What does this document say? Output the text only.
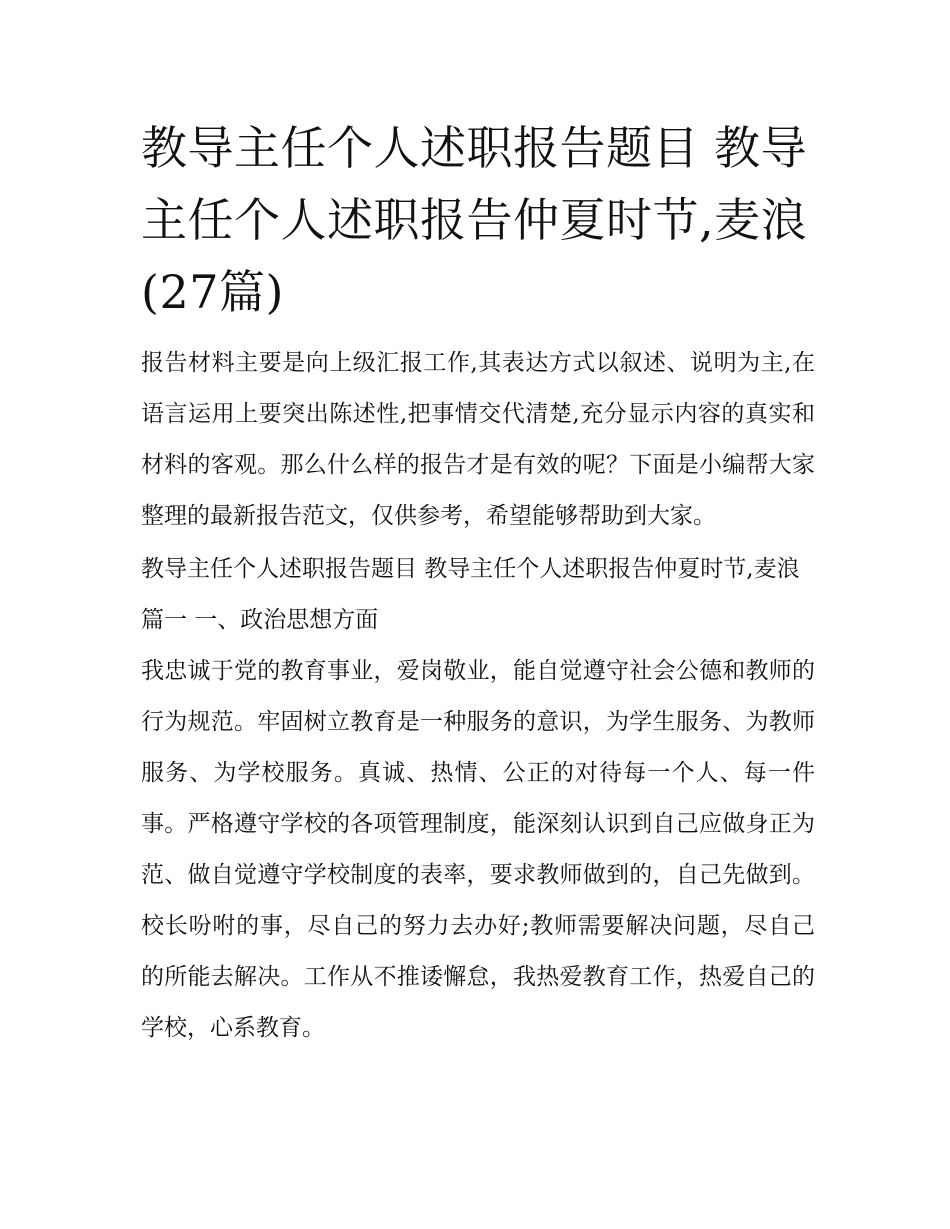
教导主任个人述职报告题目 教导主任个人述职报告仲夏时节,麦浪(27篇)

报告材料主要是向上级汇报工作,其表达方式以叙述、说明为主,在语言运用上要突出陈述性,把事情交代清楚,充分显示内容的真实和材料的客观。那么什么样的报告才是有效的呢？下面是小编帮大家整理的最新报告范文，仅供参考，希望能够帮助到大家。

教导主任个人述职报告题目 教导主任个人述职报告仲夏时节,麦浪篇一 一、政治思想方面

我忠诚于党的教育事业，爱岗敬业，能自觉遵守社会公德和教师的行为规范。牢固树立教育是一种服务的意识，为学生服务、为教师服务、为学校服务。真诚、热情、公正的对待每一个人、每一件事。严格遵守学校的各项管理制度，能深刻认识到自己应做身正为范、做自觉遵守学校制度的表率，要求教师做到的，自己先做到。校长吩咐的事，尽自己的努力去办好;教师需要解决问题，尽自己的所能去解决。工作从不推诿懈怠，我热爱教育工作，热爱自己的学校，心系教育。
